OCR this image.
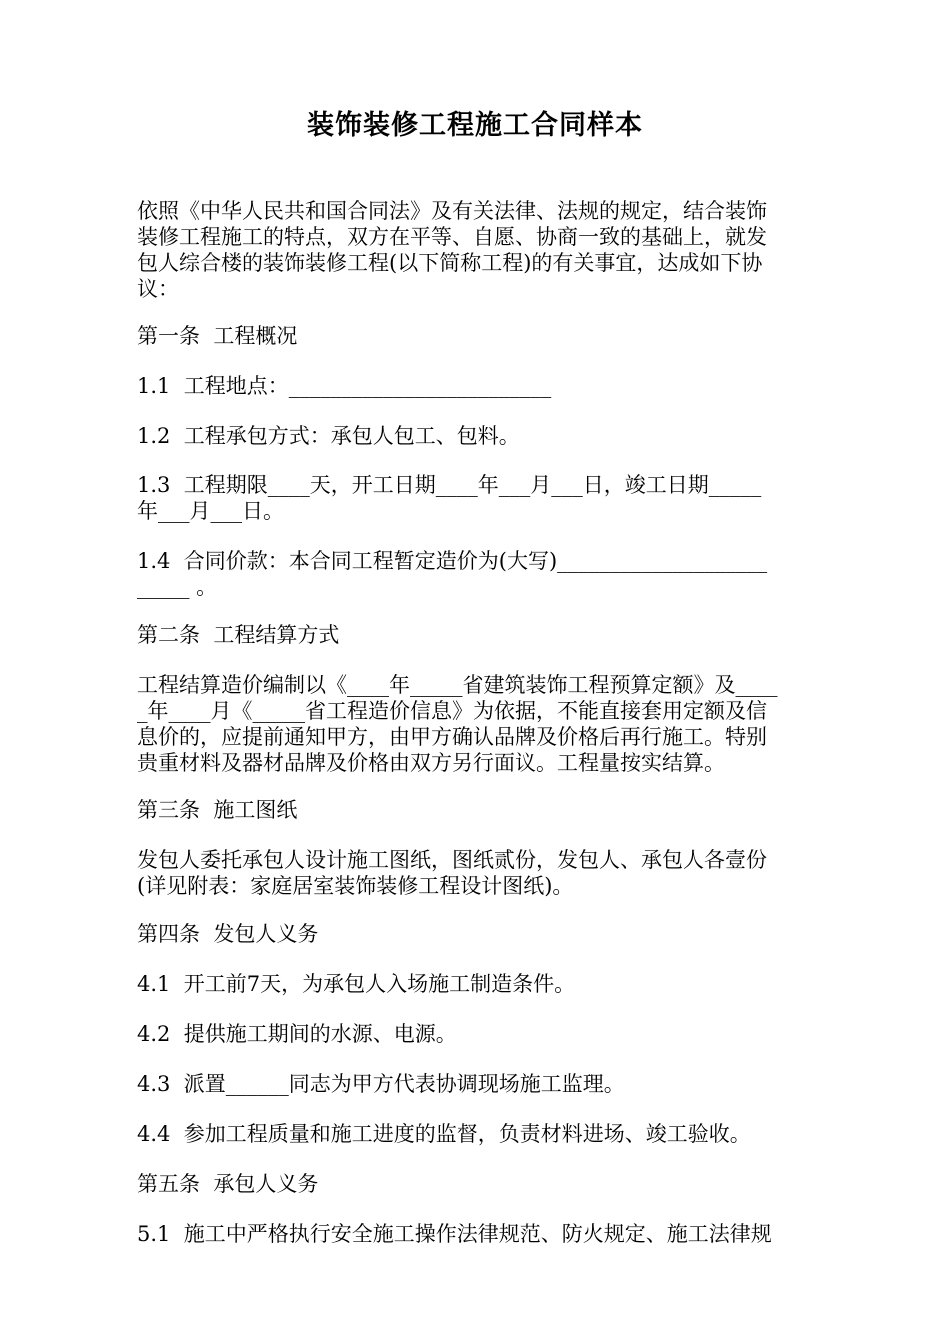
装饰装修工程施工合同样本

依照《中华人民共和国合同法》及有关法律、法规的规定，结合装饰
装修工程施工的特点，双方在平等、自愿、协商一致的基础上，就发
包人综合楼的装饰装修工程(以下简称工程)的有关事宜，达成如下协
议：

第一条  工程概况

1.1  工程地点：_________________________

1.2  工程承包方式：承包人包工、包料。

1.3  工程期限____天，开工日期____年___月___日，竣工日期_____
年___月___日。

1.4  合同价款：本合同工程暂定造价为(大写)____________________
_____ 。

第二条  工程结算方式

工程结算造价编制以《____年_____省建筑装饰工程预算定额》及____
_年____月《_____省工程造价信息》为依据，不能直接套用定额及信
息价的，应提前通知甲方，由甲方确认品牌及价格后再行施工。特别
贵重材料及器材品牌及价格由双方另行面议。工程量按实结算。

第三条  施工图纸

发包人委托承包人设计施工图纸，图纸贰份，发包人、承包人各壹份
(详见附表：家庭居室装饰装修工程设计图纸)。

第四条  发包人义务

4.1  开工前7天，为承包人入场施工制造条件。

4.2  提供施工期间的水源、电源。

4.3  派置______同志为甲方代表协调现场施工监理。

4.4  参加工程质量和施工进度的监督，负责材料进场、竣工验收。

第五条  承包人义务

5.1  施工中严格执行安全施工操作法律规范、防火规定、施工法律规
